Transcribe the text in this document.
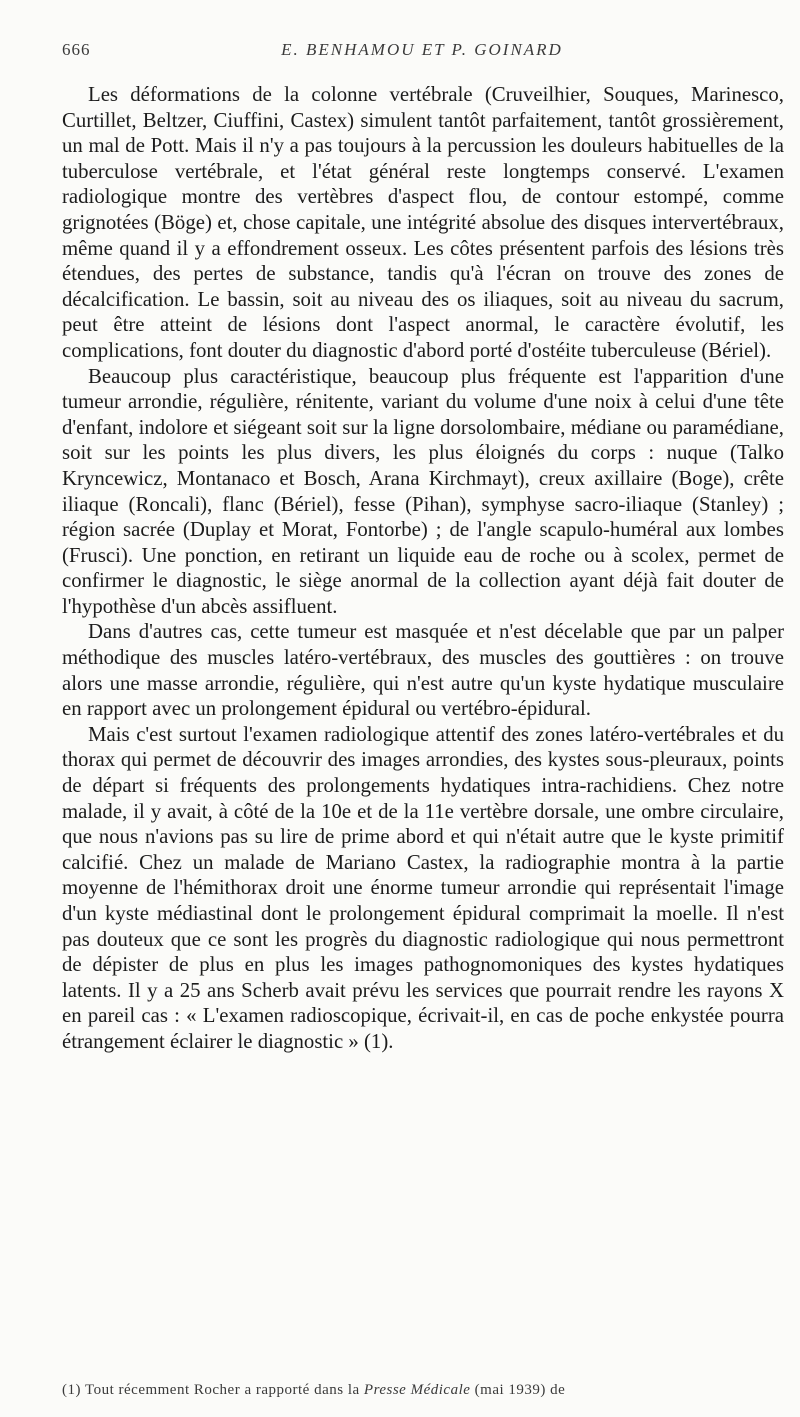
666	E. BENHAMOU ET P. GOINARD

Les déformations de la colonne vertébrale (Cruveilhier, Souques, Marinesco, Curtillet, Beltzer, Ciuffini, Castex) simulent tantôt parfaitement, tantôt grossièrement, un mal de Pott. Mais il n'y a pas toujours à la percussion les douleurs habituelles de la tuberculose vertébrale, et l'état général reste longtemps conservé. L'examen radiologique montre des vertèbres d'aspect flou, de contour estompé, comme grignotées (Böge) et, chose capitale, une intégrité absolue des disques intervertébraux, même quand il y a effondrement osseux. Les côtes présentent parfois des lésions très étendues, des pertes de substance, tandis qu'à l'écran on trouve des zones de décalcification. Le bassin, soit au niveau des os iliaques, soit au niveau du sacrum, peut être atteint de lésions dont l'aspect anormal, le caractère évolutif, les complications, font douter du diagnostic d'abord porté d'ostéite tuberculeuse (Bériel).

Beaucoup plus caractéristique, beaucoup plus fréquente est l'apparition d'une tumeur arrondie, régulière, rénitente, variant du volume d'une noix à celui d'une tête d'enfant, indolore et siégeant soit sur la ligne dorsolombaire, médiane ou paramédiane, soit sur les points les plus divers, les plus éloignés du corps : nuque (Talko Kryncewicz, Montanaco et Bosch, Arana Kirchmayt), creux axillaire (Boge), crête iliaque (Roncali), flanc (Bériel), fesse (Pihan), symphyse sacro-iliaque (Stanley) ; région sacrée (Duplay et Morat, Fontorbe) ; de l'angle scapulo-huméral aux lombes (Frusci). Une ponction, en retirant un liquide eau de roche ou à scolex, permet de confirmer le diagnostic, le siège anormal de la collection ayant déjà fait douter de l'hypothèse d'un abcès assifluent.

Dans d'autres cas, cette tumeur est masquée et n'est décelable que par un palper méthodique des muscles latéro-vertébraux, des muscles des gouttières : on trouve alors une masse arrondie, régulière, qui n'est autre qu'un kyste hydatique musculaire en rapport avec un prolongement épidural ou vertébro-épidural.

Mais c'est surtout l'examen radiologique attentif des zones latéro-vertébrales et du thorax qui permet de découvrir des images arrondies, des kystes sous-pleuraux, points de départ si fréquents des prolongements hydatiques intra-rachidiens. Chez notre malade, il y avait, à côté de la 10e et de la 11e vertèbre dorsale, une ombre circulaire, que nous n'avions pas su lire de prime abord et qui n'était autre que le kyste primitif calcifié. Chez un malade de Mariano Castex, la radiographie montra à la partie moyenne de l'hémithorax droit une énorme tumeur arrondie qui représentait l'image d'un kyste médiastinal dont le prolongement épidural comprimait la moelle. Il n'est pas douteux que ce sont les progrès du diagnostic radiologique qui nous permettront de dépister de plus en plus les images pathognomoniques des kystes hydatiques latents. Il y a 25 ans Scherb avait prévu les services que pourrait rendre les rayons X en pareil cas : « L'examen radioscopique, écrivait-il, en cas de poche enkystée pourra étrangement éclairer le diagnostic » (1).

(1) Tout récemment Rocher a rapporté dans la Presse Médicale (mai 1939) de
